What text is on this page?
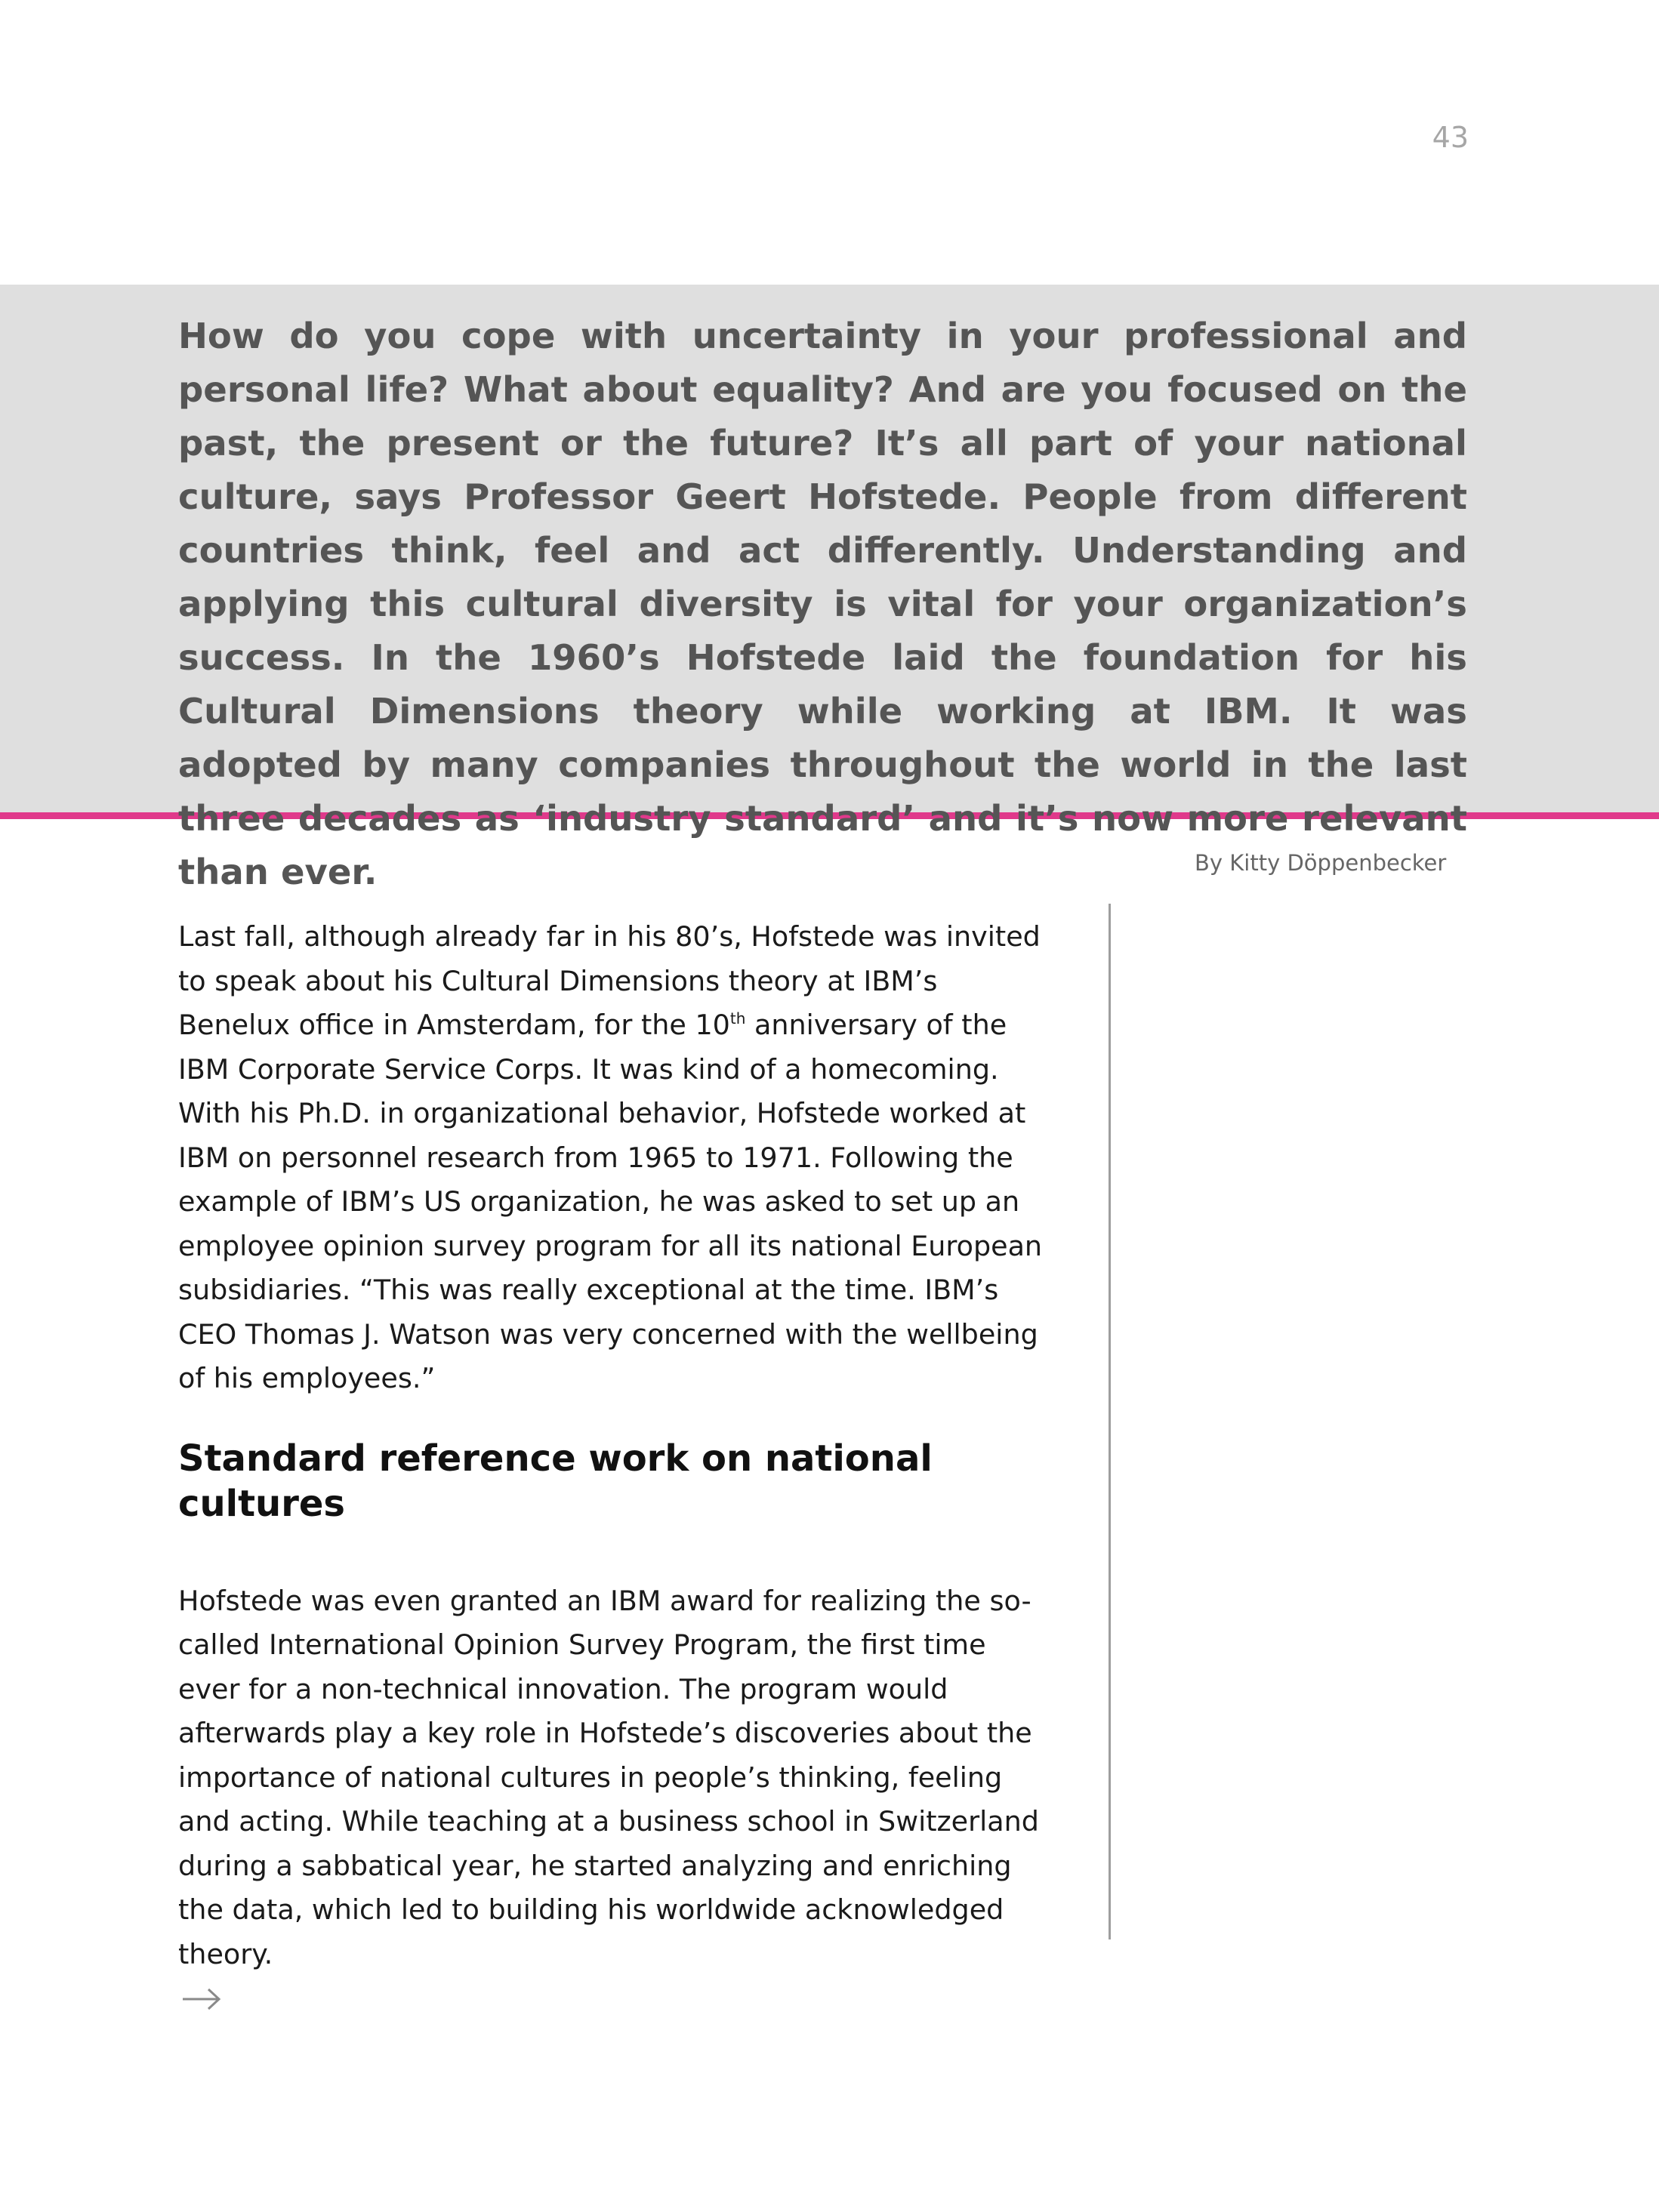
43

How do you cope with uncertainty in your professional and personal life? What about equality? And are you focused on the past, the present or the future? It’s all part of your national culture, says Professor Geert Hofstede. People from different countries think, feel and act differently. Understanding and applying this cultural diversity is vital for your organization’s success. In the 1960’s Hofstede laid the foundation for his Cultural Dimensions theory while working at IBM. It was adopted by many companies throughout the world in the last three decades as ‘industry standard’ and it’s now more relevant than ever.	By Kitty Döppenbecker

Last fall, although already far in his 80’s, Hofstede was invited to speak about his Cultural Dimensions theory at IBM’s Benelux office in Amsterdam, for the 10th anniversary of the IBM Corporate Service Corps. It was kind of a homecoming. With his Ph.D. in organizational behavior, Hofstede worked at IBM on personnel research from 1965 to 1971. Following the example of IBM’s US organization, he was asked to set up an employee opinion survey program for all its national European subsidiaries. “This was really exceptional at the time. IBM’s CEO Thomas J. Watson was very concerned with the wellbeing of his employees.”

Standard reference work on national cultures

Hofstede was even granted an IBM award for realizing the so-called International Opinion Survey Program, the first time ever for a non-technical innovation. The program would afterwards play a key role in Hofstede’s discoveries about the importance of national cultures in people’s thinking, feeling and acting. While teaching at a business school in Switzerland during a sabbatical year, he started analyzing and enriching the data, which led to building his worldwide acknowledged theory.
